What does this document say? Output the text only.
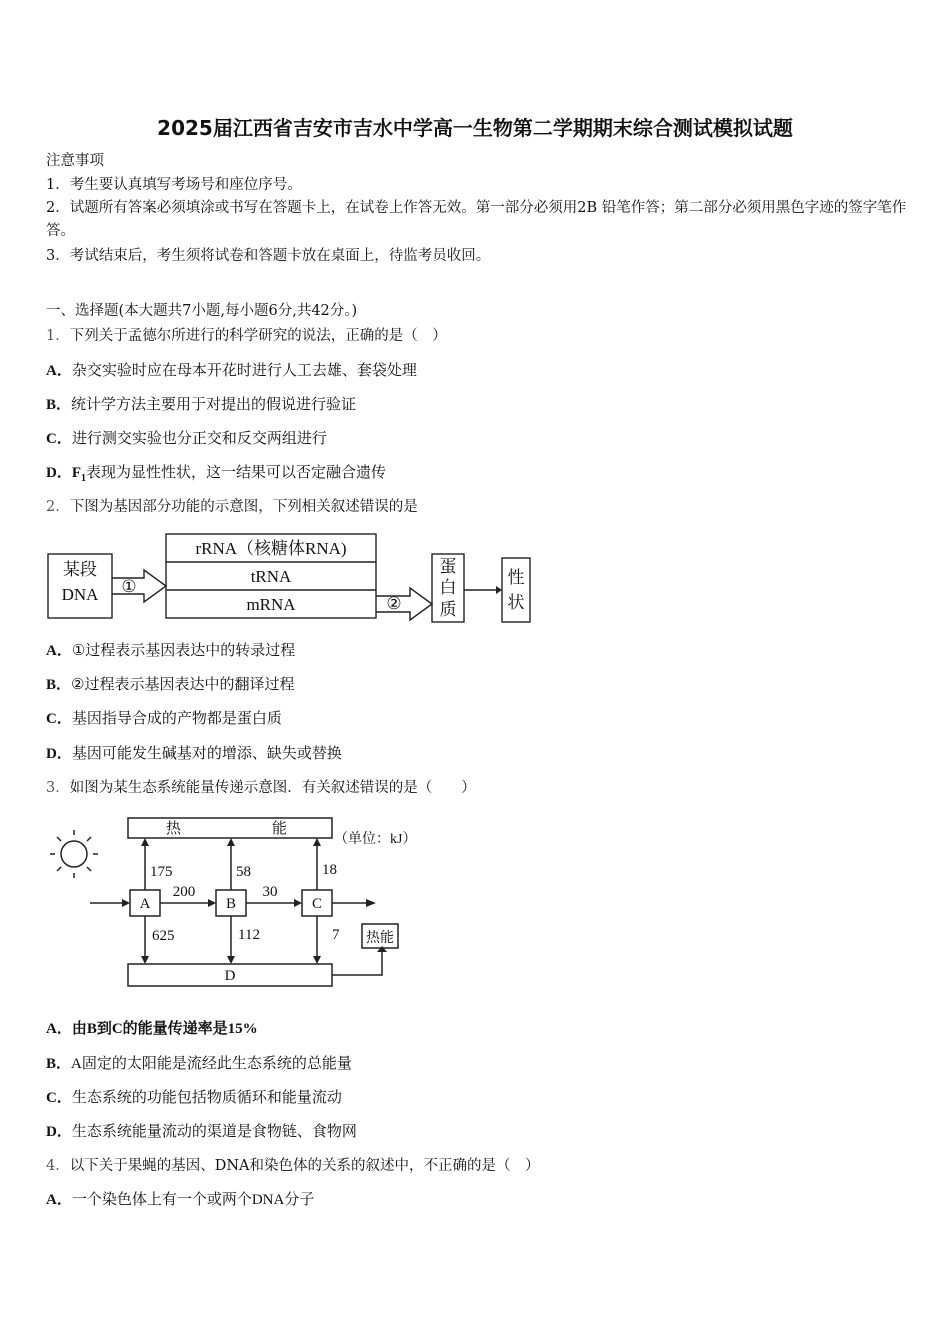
2025届江西省吉安市吉水中学高一生物第二学期期末综合测试模拟试题
注意事项
1．考生要认真填写考场号和座位序号。
2．试题所有答案必须填涂或书写在答题卡上，在试卷上作答无效。第一部分必须用2B 铅笔作答；第二部分必须用黑色字迹的签字笔作答。
3．考试结束后，考生须将试卷和答题卡放在桌面上，待监考员收回。
一、选择题(本大题共7小题,每小题6分,共42分。)
1．下列关于孟德尔所进行的科学研究的说法，正确的是（　）
A．杂交实验时应在母本开花时进行人工去雄、套袋处理
B．统计学方法主要用于对提出的假说进行验证
C．进行测交实验也分正交和反交两组进行
D．$F_1$表现为显性性状，这一结果可以否定融合遗传
2．下图为基因部分功能的示意图，下列相关叙述错误的是
某段
DNA ①
rRNA（核糖体RNA)
tRNA
mRNA	②
蛋
白
质
性
状
A．①过程表示基因表达中的转录过程
B．②过程表示基因表达中的翻译过程
C．基因指导合成的产物都是蛋白质
D．基因可能发生碱基对的增添、缺失或替换
3．如图为某生态系统能量传递示意图．有关叙述错误的是（　　）
热	能
（单位：kJ）
A	B	C
D
175	58	18
200	30
625	112	7 热能
A．由B到C的能量传递率是15%
B．A固定的太阳能是流经此生态系统的总能量
C．生态系统的功能包括物质循环和能量流动
D．生态系统能量流动的渠道是食物链、食物网
4．以下关于果蝇的基因、DNA和染色体的关系的叙述中，不正确的是（　）
A．一个染色体上有一个或两个DNA分子
